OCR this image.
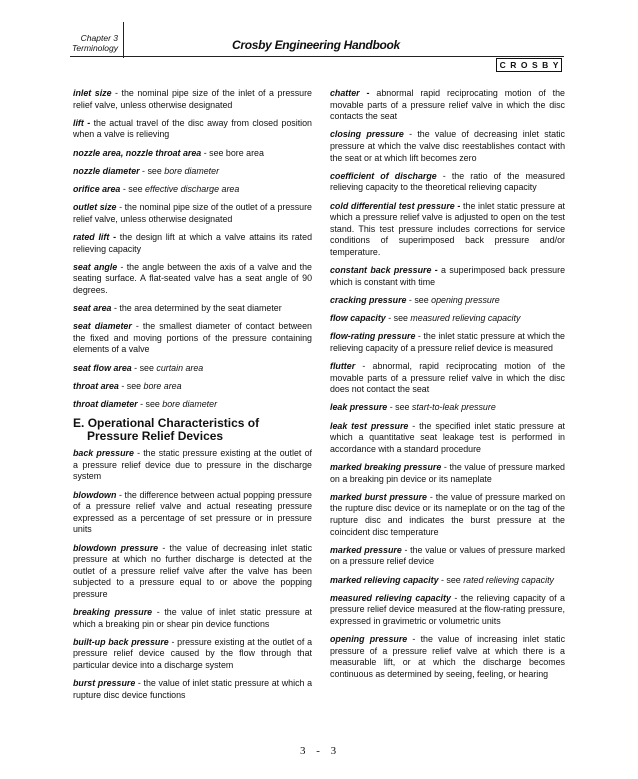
Chapter 3
Terminology	Crosby Engineering Handbook
CROSBY
inlet size - the nominal pipe size of the inlet of a pressure relief valve, unless otherwise designated
lift - the actual travel of the disc away from closed position when a valve is relieving
nozzle area, nozzle throat area - see bore area
nozzle diameter - see bore diameter
orifice area - see effective discharge area
outlet size - the nominal pipe size of the outlet of a pressure relief valve, unless otherwise designated
rated lift - the design lift at which a valve attains its rated relieving capacity
seat angle - the angle between the axis of a valve and the seating surface. A flat-seated valve has a seat angle of 90 degrees.
seat area - the area determined by the seat diameter
seat diameter - the smallest diameter of contact between the fixed and moving portions of the pressure containing elements of a valve
seat flow area - see curtain area
throat area - see bore area
throat diameter - see bore diameter
E. Operational Characteristics of Pressure Relief Devices
back pressure - the static pressure existing at the outlet of a pressure relief device due to pressure in the discharge system
blowdown - the difference between actual popping pressure of a pressure relief valve and actual reseating pressure expressed as a percentage of set pressure or in pressure units
blowdown pressure - the value of decreasing inlet static pressure at which no further discharge is detected at the outlet of a pressure relief valve after the valve has been subjected to a pressure equal to or above the popping pressure
breaking pressure - the value of inlet static pressure at which a breaking pin or shear pin device functions
built-up back pressure - pressure existing at the outlet of a pressure relief device caused by the flow through that particular device into a discharge system
burst pressure - the value of inlet static pressure at which a rupture disc device functions
chatter - abnormal rapid reciprocating motion of the movable parts of a pressure relief valve in which the disc contacts the seat
closing pressure - the value of decreasing inlet static pressure at which the valve disc reestablishes contact with the seat or at which lift becomes zero
coefficient of discharge - the ratio of the measured relieving capacity to the theoretical relieving capacity
cold differential test pressure - the inlet static pressure at which a pressure relief valve is adjusted to open on the test stand. This test pressure includes corrections for service conditions of superimposed back pressure and/or temperature.
constant back pressure - a superimposed back pressure which is constant with time
cracking pressure - see opening pressure
flow capacity - see measured relieving capacity
flow-rating pressure - the inlet static pressure at which the relieving capacity of a pressure relief device is measured
flutter - abnormal, rapid reciprocating motion of the movable parts of a pressure relief valve in which the disc does not contact the seat
leak pressure - see start-to-leak pressure
leak test pressure - the specified inlet static pressure at which a quantitative seat leakage test is performed in accordance with a standard procedure
marked breaking pressure - the value of pressure marked on a breaking pin device or its nameplate
marked burst pressure - the value of pressure marked on the rupture disc device or its nameplate or on the tag of the rupture disc and indicates the burst pressure at the coincident disc temperature
marked pressure - the value or values of pressure marked on a pressure relief device
marked relieving capacity - see rated relieving capacity
measured relieving capacity - the relieving capacity of a pressure relief device measured at the flow-rating pressure, expressed in gravimetric or volumetric units
opening pressure - the value of increasing inlet static pressure of a pressure relief valve at which there is a measurable lift, or at which the discharge becomes continuous as determined by seeing, feeling, or hearing
3 - 3
